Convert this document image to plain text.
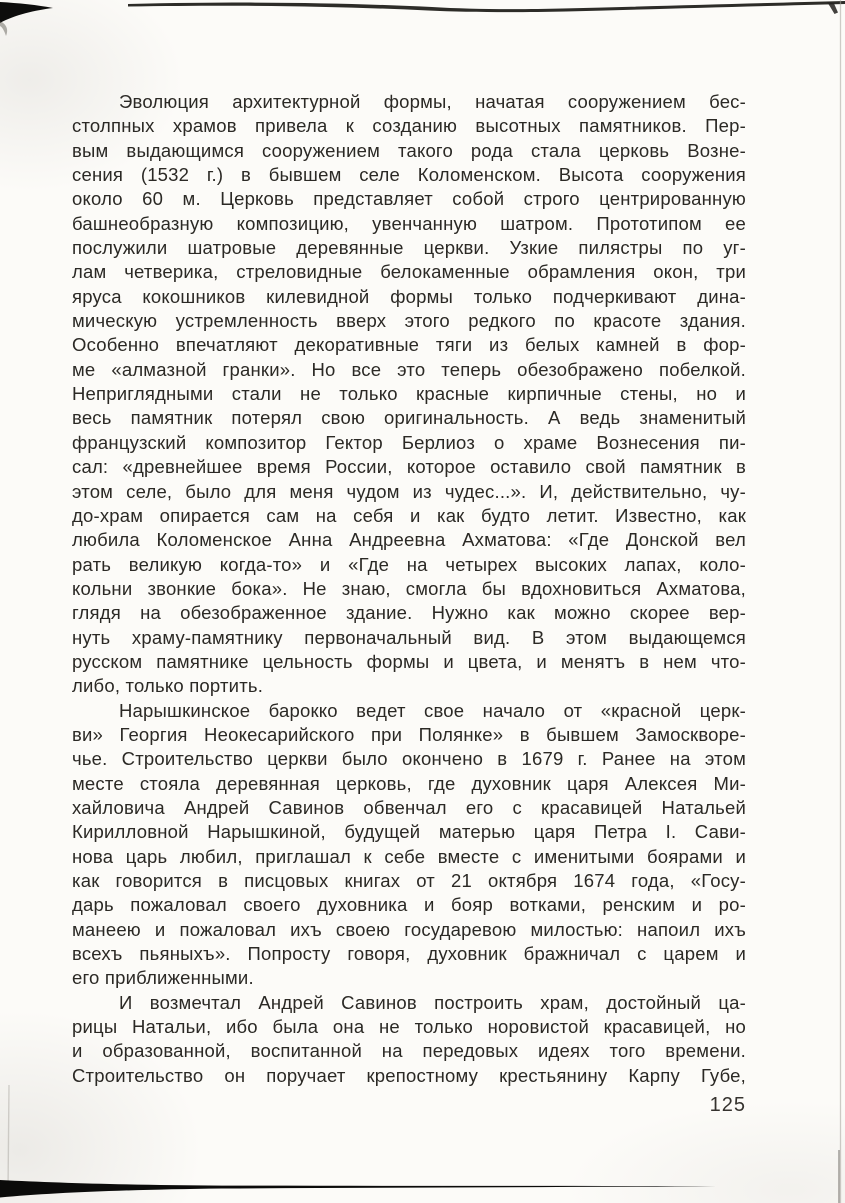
Эволюция архитектурной формы, начатая сооружением бес-
столпных храмов привела к созданию высотных памятников. Пер-
вым выдающимся сооружением такого рода стала церковь Возне-
сения (1532 г.) в бывшем селе Коломенском. Высота сооружения
около 60 м. Церковь представляет собой строго центрированную
башнеобразную композицию, увенчанную шатром. Прототипом ее
послужили шатровые деревянные церкви. Узкие пилястры по уг-
лам четверика, стреловидные белокаменные обрамления окон, три
яруса кокошников килевидной формы только подчеркивают дина-
мическую устремленность вверх этого редкого по красоте здания.
Особенно впечатляют декоративные тяги из белых камней в фор-
ме «алмазной гранки». Но все это теперь обезображено побелкой.
Неприглядными стали не только красные кирпичные стены, но и
весь памятник потерял свою оригинальность. А ведь знаменитый
французский композитор Гектор Берлиоз о храме Вознесения пи-
сал: «древнейшее время России, которое оставило свой памятник в
этом селе, было для меня чудом из чудес...». И, действительно, чу-
до-храм опирается сам на себя и как будто летит. Известно, как
любила Коломенское Анна Андреевна Ахматова: «Где Донской вел
рать великую когда-то» и «Где на четырех высоких лапах, коло-
кольни звонкие бока». Не знаю, смогла бы вдохновиться Ахматова,
глядя на обезображенное здание. Нужно как можно скорее вер-
нуть храму-памятнику первоначальный вид. В этом выдающемся
русском памятнике цельность формы и цвета, и менятъ в нем что-
либо, только портить.
Нарышкинское барокко ведет свое начало от «красной церк-
ви» Георгия Неокесарийского при Полянке» в бывшем Замоскворе-
чье. Строительство церкви было окончено в 1679 г. Ранее на этом
месте стояла деревянная церковь, где духовник царя Алексея Ми-
хайловича Андрей Савинов обвенчал его с красавицей Натальей
Кирилловной Нарышкиной, будущей матерью царя Петра I. Сави-
нова царь любил, приглашал к себе вместе с именитыми боярами и
как говорится в писцовых книгах от 21 октября 1674 года, «Госу-
дарь пожаловал своего духовника и бояр вотками, ренским и ро-
манеею и пожаловал ихъ своею государевою милостью: напоил ихъ
всехъ пьяныхъ». Попросту говоря, духовник бражничал с царем и
его приближенными.
И возмечтал Андрей Савинов построить храм, достойный ца-
рицы Натальи, ибо была она не только норовистой красавицей, но
и образованной, воспитанной на передовых идеях того времени.
Строительство он поручает крепостному крестьянину Карпу Губе,
125
